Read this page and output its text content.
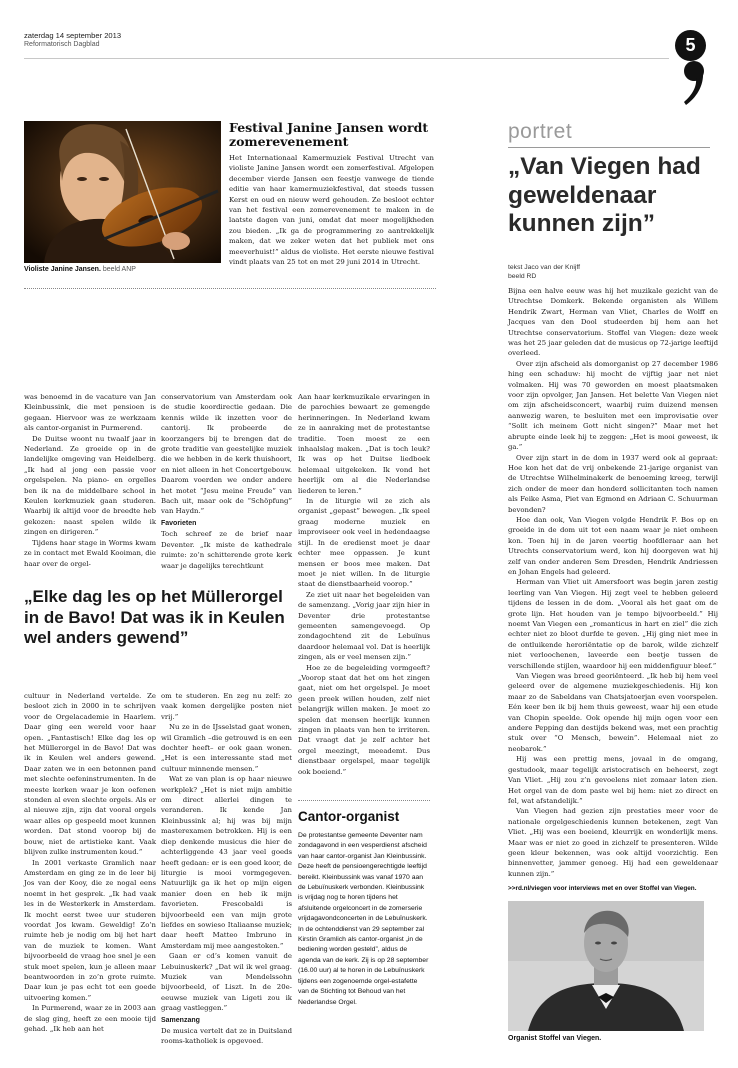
zaterdag 14 september 2013
Reformatorisch Dagblad	5
Violiste Janine Jansen. beeld ANP
Festival Janine Jansen wordt zomerevenement

Het Internationaal Kamermuziek Festival Utrecht van violiste Janine Jansen wordt een zomerfestival. Afgelopen december vierde Jansen een feestje vanwege de tiende editie van haar kamermuziekfestival, dat steeds tussen Kerst en oud en nieuw werd gehouden. Ze besloot echter van het festival een zomerevenement te maken in de laatste dagen van juni, omdat dat meer mogelijkheden zou bieden. „Ik ga de programmering zo aantrekkelijk maken, dat we zeker weten dat het publiek met ons meeverhuist!” aldus de violiste. Het eerste nieuwe festival vindt plaats van 25 tot en met 29 juni 2014 in Utrecht.

was benoemd in de vacature van Jan Kleinbussink, die met pensioen is gegaan. Hiervoor was ze werkzaam als cantor-organist in Purmerend.

De Duitse woont nu twaalf jaar in Nederland. Ze groeide op in de landelijke omgeving van Heidelberg. „Ik had al jong een passie voor orgelspelen. Na piano- en orgelles ben ik na de middelbare school in Keulen kerkmuziek gaan studeren. Waarbij ik altijd voor de breedte heb gekozen: naast spelen wilde ik zingen en dirigeren.”

Tijdens haar stage in Worms kwam ze in contact met Ewald Kooiman, die haar over de orgel-

„Elke dag les op het Müllerorgel in de Bavo! Dat was ik in Keulen wel anders gewend”

cultuur in Nederland vertelde. Ze besloot zich in 2000 in te schrijven voor de Orgelacademie in Haarlem. Daar ging een wereld voor haar open. „Fantastisch! Elke dag les op het Müllerorgel in de Bavo! Dat was ik in Keulen wel anders gewend. Daar zaten we in een betonnen pand met slechte oefeninstrumenten. In de meeste kerken waar je kon oefenen stonden al even slechte orgels. Als er al nieuwe zijn, zijn dat vooral orgels waar alles op gespeeld moet kunnen worden. Dat stond voorop bij de bouw, niet de artistieke kant. Vaak blijven zulke instrumenten koud.”

In 2001 verkaste Gramlich naar Amsterdam en ging ze in de leer bij Jos van der Kooy, die ze nogal eens noemt in het gesprek. „Ik had vaak les in de Westerkerk in Amsterdam. Ik mocht eerst twee uur studeren voordat Jos kwam. Geweldig! Zo’n ruimte heb je nodig om bij het hart van de muziek te komen. Want bijvoorbeeld de vraag hoe snel je een stuk moet spelen, kun je alleen maar beantwoorden in zo’n grote ruimte. Daar kun je pas echt tot een goede uitvoering komen.”

In Purmerend, waar ze in 2003 aan de slag ging, heeft ze een mooie tijd gehad. „Ik heb aan het

conservatorium van Amsterdam ook de studie koordirectie gedaan. Die kennis wilde ik inzetten voor de cantorij. Ik probeerde de koorzangers bij te brengen dat de grote traditie van geestelijke muziek die we hebben in de kerk thuishoort, en niet alleen in het Concertgebouw. Daarom voerden we onder andere het motet “Jesu meine Freude” van Bach uit, maar ook de “Schöpfung” van Haydn.”

Favorieten

Toch schreef ze de brief naar Deventer. „Ik miste de kathedrale ruimte: zo’n schitterende grote kerk waar je dagelijks terechtkunt

om te studeren. En zeg nu zelf: zo vaak komen dergelijke posten niet vrij.”

Nu ze in de IJsselstad gaat wonen, wil Gramlich –die getrouwd is en een dochter heeft– er ook gaan wonen. „Het is een interessante stad met cultuur minnende mensen.”

Wat ze van plan is op haar nieuwe werkplek? „Het is niet mijn ambitie om direct allerlei dingen te veranderen. Ik kende Jan Kleinbussink al; hij was bij mijn masterexamen betrokken. Hij is een diep denkende musicus die hier de achterliggende 43 jaar veel goeds heeft gedaan: er is een goed koor, de liturgie is mooi vormgegeven. Natuurlijk ga ik het op mijn eigen manier doen en heb ik mijn favorieten. Frescobaldi is bijvoorbeeld een van mijn grote liefdes en sowieso Italiaanse muziek; daar heeft Matteo Imbruno in Amsterdam mij mee aangestoken.”

Gaan er cd’s komen vanuit de Lebuinuskerk? „Dat wil ik wel graag. Muziek van Mendelssohn bijvoorbeeld, of Liszt. In de 20e-eeuwse muziek van Ligeti zou ik graag vastleggen.”

Samenzang

De musica vertelt dat ze in Duitsland rooms-katholiek is opgevoed.

Aan haar kerkmuzikale ervaringen in de parochies bewaart ze gemengde herinneringen. In Nederland kwam ze in aanraking met de protestantse traditie. Toen moest ze een inhaalslag maken. „Dat is toch leuk? Ik was op het Duitse liedboek helemaal uitgekeken. Ik vond het heerlijk om al die Nederlandse liederen te leren.”

In de liturgie wil ze zich als organist „gepast” bewegen. „Ik speel graag moderne muziek en improviseer ook veel in hedendaagse stijl. In de eredienst moet je daar echter mee oppassen. Je kunt mensen er boos mee maken. Dat moet je niet willen. In de liturgie staat de dienstbaarheid voorop.”

Ze ziet uit naar het begeleiden van de samenzang. „Vorig jaar zijn hier in Deventer drie protestantse gemeenten samengevoegd. Op zondagochtend zit de Lebuïnus daardoor helemaal vol. Dat is heerlijk zingen, als er veel mensen zijn.”

Hoe ze de begeleiding vormgeeft? „Voorop staat dat het om het zingen gaat, niet om het orgelspel. Je moet geen preek willen houden, zelf niet belangrijk willen maken. Je moet zo spelen dat mensen heerlijk kunnen zingen in plaats van hen te irriteren. Dat vraagt dat je zelf achter het orgel meezingt, meeademt. Dus dienstbaar orgelspel, maar tegelijk ook boeiend.”

Cantor-organist

De protestantse gemeente Deventer nam zondagavond in een vesperdienst afscheid van haar cantor-organist Jan Kleinbussink. Deze heeft de pensioengerechtigde leeftijd bereikt. Kleinbussink was vanaf 1970 aan de Lebuïnuskerk verbonden. Kleinbussink is vrijdag nog te horen tijdens het afsluitende orgelconcert in de zomerserie vrijdagavondconcerten in de Lebuïnuskerk. In de ochtenddienst van 29 september zal Kirstin Gramlich als cantor-organist „in de bediening worden gesteld”, aldus de agenda van de kerk. Zij is op 28 september (16.00 uur) al te horen in de Lebuïnuskerk tijdens een zogenoemde orgel-estafette van de Stichting tot Behoud van het Nederlandse Orgel.

portret
„Van Viegen had geweldenaar kunnen zijn”
tekst Jaco van der Knijff
beeld RD

Bijna een halve eeuw was hij het muzikale gezicht van de Utrechtse Domkerk. Bekende organisten als Willem Hendrik Zwart, Herman van Vliet, Charles de Wolff en Jacques van den Dool studeerden bij hem aan het Utrechtse conservatorium. Stoffel van Viegen: deze week was het 25 jaar geleden dat de musicus op 72-jarige leeftijd overleed.

Over zijn afscheid als domorganist op 27 december 1986 hing een schaduw: hij mocht de vijftig jaar net niet volmaken. Hij was 70 geworden en moest plaatsmaken voor zijn opvolger, Jan Jansen. Het belette Van Viegen niet om zijn afscheidsconcert, waarbij ruim duizend mensen aanwezig waren, te besluiten met een improvisatie over “Sollt ich meinem Gott nicht singen?” Maar met het abrupte einde leek hij te zeggen: „Het is mooi geweest, ik ga.”

Over zijn start in de dom in 1937 werd ook al gepraat: Hoe kon het dat de vrij onbekende 21-jarige organist van de Utrechtse Wilhelminakerk de benoeming kreeg, terwijl zich onder de meer dan honderd sollicitanten toch namen als Feike Asma, Piet van Egmond en Adriaan C. Schuurman bevonden?

Hoe dan ook, Van Viegen volgde Hendrik F. Bos op en groeide in de dom uit tot een naam waar je niet omheen kon. Toen hij in de jaren veertig hoofdleraar aan het Utrechts conservatorium werd, kon hij doorgeven wat hij zelf van onder anderen Sem Dresden, Hendrik Andriessen en Johan Engels had geleerd.

Herman van Vliet uit Amersfoort was begin jaren zestig leerling van Van Viegen. Hij zegt veel te hebben geleerd tijdens de lessen in de dom. „Vooral als het gaat om de grote lijn. Het houden van je tempo bijvoorbeeld.” Hij noemt Van Viegen een „romanticus in hart en ziel” die zich echter niet zo bloot durfde te geven. „Hij ging niet mee in de ontluikende heroriëntatie op de barok, wilde zichzelf niet verloochenen, laveerde een beetje tussen de verschillende stijlen, waardoor hij een middenfiguur bleef.”

Van Viegen was breed georiënteerd. „Ik heb bij hem veel geleerd over de algemene muziekgeschiedenis. Hij kon maar zo de Sabeldans van Chatsjatoerjan even voorspelen. Eén keer ben ik bij hem thuis geweest, waar hij een etude van Chopin speelde. Ook opende hij mijn ogen voor een andere Pepping dan destijds bekend was, met een prachtig stuk over “O Mensch, bewein”. Helemaal niet zo neobarok.”

Hij was een prettig mens, jovaal in de omgang, gestudook, maar tegelijk aristocratisch en beheerst, zegt Van Vliet. „Hij zou z’n gevoelens niet zomaar laten zien. Het orgel van de dom paste wel bij hem: niet zo direct en fel, wat afstandelijk.”

Van Viegen had gezien zijn prestaties meer voor de nationale orgelgeschiedenis kunnen betekenen, zegt Van Vliet. „Hij was een boeiend, kleurrijk en wonderlijk mens. Maar was er niet zo goed in zichzelf te presenteren. Wilde geen kleur bekennen, was ook altijd voorzichtig. Een binnenvetter, jammer genoeg. Hij had een geweldenaar kunnen zijn.”

>>rd.nl/viegen voor interviews met en over Stoffel van Viegen.
Organist Stoffel van Viegen.
